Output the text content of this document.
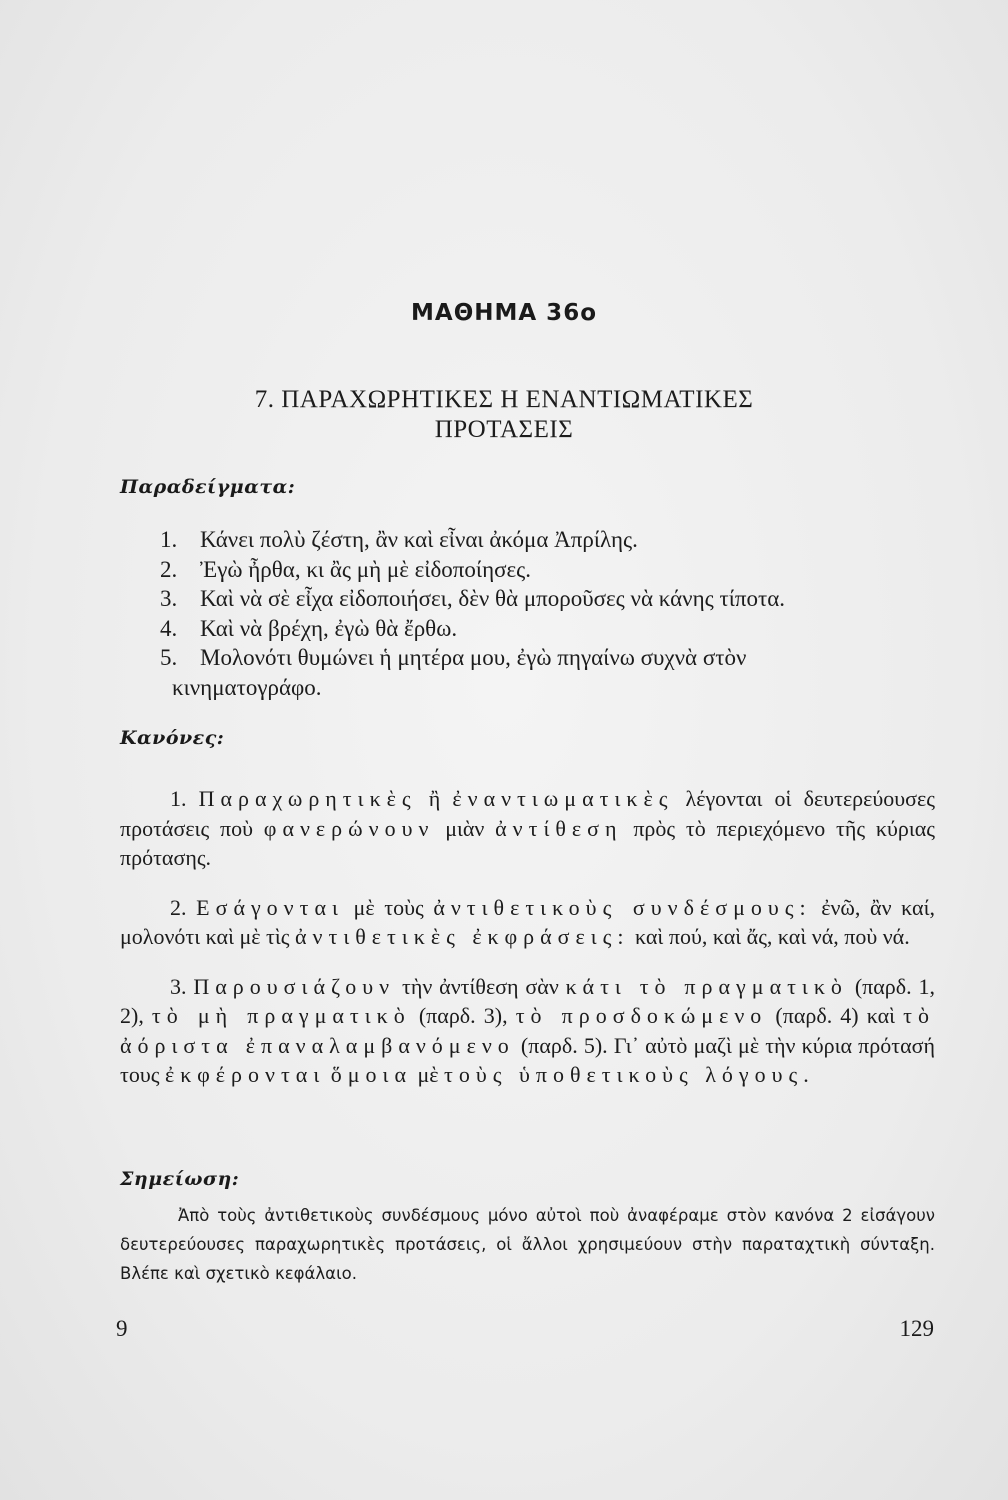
ΜΑΘΗΜΑ 36ο
7. ΠΑΡΑΧΩΡΗΤΙΚΕΣ Η ΕΝΑΝΤΙΩΜΑΤΙΚΕΣ
ΠΡΟΤΑΣΕΙΣ
Παραδείγματα:
1. Κάνει πολὺ ζέστη, ἂν καὶ εἶναι ἀκόμα Ἀπρίλης.
2. Ἐγὼ ἦρθα, κι ἂς μὴ μὲ εἰδοποίησες.
3. Καὶ νὰ σὲ εἶχα εἰδοποιήσει, δὲν θὰ μποροῦσες νὰ κάνης τίποτα.
4. Καὶ νὰ βρέχη, ἐγὼ θὰ ἔρθω.
5. Μολονότι θυμώνει ἡ μητέρα μου, ἐγὼ πηγαίνω συχνὰ στὸν
κινηματογράφο.
Κανόνες:

1. Παραχωρητικὲς ἢ ἐναντιωματικὲς λέγονται οἱ δευτερεύουσες προτάσεις ποὺ φανερώνουν μιὰν ἀντίθεση πρὸς τὸ περιεχόμενο τῆς κύριας πρότασης.

2. Εσάγονται μὲ τοὺς ἀντιθετικοὺς συνδέσμους: ἐνῶ, ἂν καί, μολονότι καὶ μὲ τὶς ἀντιθετικὲς ἐκφράσεις: καὶ πού, καὶ ἄς, καὶ νά, ποὺ νά.

3. Παρουσιάζουν τὴν ἀντίθεση σὰν κάτι τὸ πραγματικὸ (παρδ. 1, 2), τὸ μὴ πραγματικὸ (παρδ. 3), τὸ προσδοκώμενο (παρδ. 4) καὶ τὸ ἀόριστα ἐπαναλαμβανόμενο (παρδ. 5). Γι᾽ αὐτὸ μαζὶ μὲ τὴν κύρια πρότασή τους ἐκφέρονται ὅμοια μὲ τοὺς ὑποθετικοὺς λόγους.

Σημείωση:

Ἀπὸ τοὺς ἀντιθετικοὺς συνδέσμους μόνο αὐτοὶ ποὺ ἀναφέραμε στὸν κανόνα 2 εἰσάγουν δευτερεύουσες παραχωρητικὲς προτάσεις, οἱ ἄλλοι χρησιμεύουν στὴν παραταχτικὴ σύνταξη. Βλέπε καὶ σχετικὸ κεφάλαιο.

9	129
